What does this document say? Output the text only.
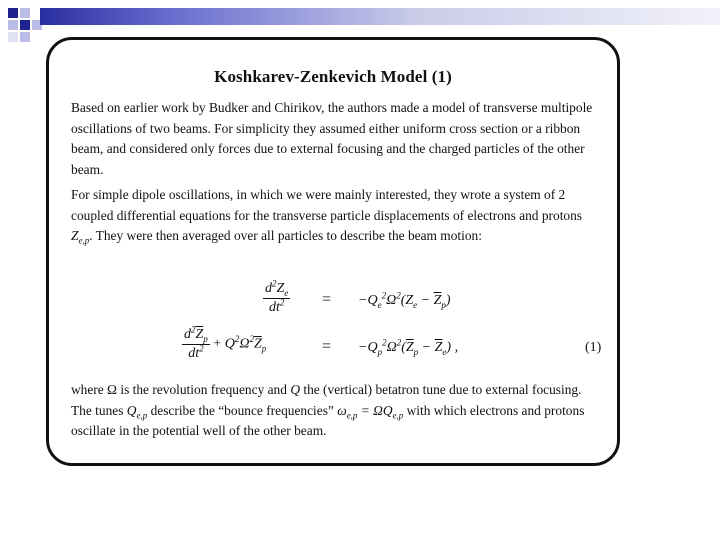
Koshkarev-Zenkevich Model (1)

Based on earlier work by Budker and Chirikov, the authors made a model of transverse multipole oscillations of two beams. For simplicity they assumed either uniform cross section or a ribbon beam, and considered only forces due to external focusing and the charged particles of the other beam.

For simple dipole oscillations, in which we were mainly interested, they wrote a system of 2 coupled differential equations for the transverse particle displacements of electrons and protons $Z_{e,p}$. They were then averaged over all particles to describe the beam motion:

$\frac{d^2Z_e}{dt^2} = -Q_e^2\Omega^2(Z_e - \overline{Z}_p)$
$\frac{d^2\overline{Z}_p}{dt^2} + Q^2\Omega^2\overline{Z}_p$	= $-Q_p^2\Omega^2(\overline{Z}_p - \overline{Z}_e)$ ,	(1)

where Ω is the revolution frequency and Q the (vertical) betatron tune due to external focusing. The tunes $Q_{e,p}$ describe the “bounce frequencies” $\omega_{e,p} = \Omega Q_{e,p}$ with which electrons and protons oscillate in the potential well of the other beam.
